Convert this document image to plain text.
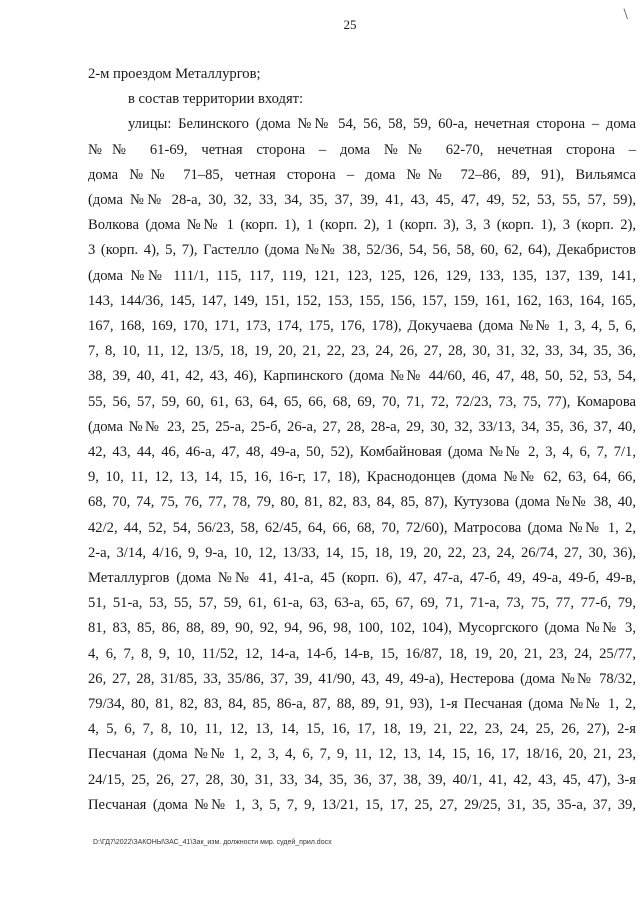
25
\
2-м проездом Металлургов;
в состав территории входят:
улицы: Белинского (дома №№ 54, 56, 58, 59, 60-а, нечетная сторона – дома
№№ 61-69, четная сторона – дома №№ 62-70, нечетная сторона –
дома №№ 71–85, четная сторона – дома №№ 72–86, 89, 91), Вильямса
(дома №№ 28-а, 30, 32, 33, 34, 35, 37, 39, 41, 43, 45, 47, 49, 52, 53, 55, 57, 59),
Волкова (дома №№ 1 (корп. 1), 1 (корп. 2), 1 (корп. 3), 3, 3 (корп. 1), 3 (корп. 2),
3 (корп. 4), 5, 7), Гастелло (дома №№ 38, 52/36, 54, 56, 58, 60, 62, 64), Декабристов
(дома №№ 111/1, 115, 117, 119, 121, 123, 125, 126, 129, 133, 135, 137, 139, 141,
143, 144/36, 145, 147, 149, 151, 152, 153, 155, 156, 157, 159, 161, 162, 163, 164, 165,
167, 168, 169, 170, 171, 173, 174, 175, 176, 178), Докучаева (дома №№ 1, 3, 4, 5, 6,
7, 8, 10, 11, 12, 13/5, 18, 19, 20, 21, 22, 23, 24, 26, 27, 28, 30, 31, 32, 33, 34, 35, 36,
38, 39, 40, 41, 42, 43, 46), Карпинского (дома №№ 44/60, 46, 47, 48, 50, 52, 53, 54,
55, 56, 57, 59, 60, 61, 63, 64, 65, 66, 68, 69, 70, 71, 72, 72/23, 73, 75, 77), Комарова
(дома №№ 23, 25, 25-а, 25-б, 26-а, 27, 28, 28-а, 29, 30, 32, 33/13, 34, 35, 36, 37, 40,
42, 43, 44, 46, 46-а, 47, 48, 49-а, 50, 52), Комбайновая (дома №№ 2, 3, 4, 6, 7, 7/1,
9, 10, 11, 12, 13, 14, 15, 16, 16-г, 17, 18), Краснодонцев (дома №№ 62, 63, 64, 66,
68, 70, 74, 75, 76, 77, 78, 79, 80, 81, 82, 83, 84, 85, 87), Кутузова (дома №№ 38, 40,
42/2, 44, 52, 54, 56/23, 58, 62/45, 64, 66, 68, 70, 72/60), Матросова (дома №№ 1, 2,
2-а, 3/14, 4/16, 9, 9-а, 10, 12, 13/33, 14, 15, 18, 19, 20, 22, 23, 24, 26/74, 27, 30, 36),
Металлургов (дома №№ 41, 41-а, 45 (корп. 6), 47, 47-а, 47-б, 49, 49-а, 49-б, 49-в,
51, 51-а, 53, 55, 57, 59, 61, 61-а, 63, 63-а, 65, 67, 69, 71, 71-а, 73, 75, 77, 77-б, 79,
81, 83, 85, 86, 88, 89, 90, 92, 94, 96, 98, 100, 102, 104), Мусоргского (дома №№ 3,
4, 6, 7, 8, 9, 10, 11/52, 12, 14-а, 14-б, 14-в, 15, 16/87, 18, 19, 20, 21, 23, 24, 25/77,
26, 27, 28, 31/85, 33, 35/86, 37, 39, 41/90, 43, 49, 49-а), Нестерова (дома №№ 78/32,
79/34, 80, 81, 82, 83, 84, 85, 86-а, 87, 88, 89, 91, 93), 1-я Песчаная (дома №№ 1, 2,
4, 5, 6, 7, 8, 10, 11, 12, 13, 14, 15, 16, 17, 18, 19, 21, 22, 23, 24, 25, 26, 27), 2-я
Песчаная (дома №№ 1, 2, 3, 4, 6, 7, 9, 11, 12, 13, 14, 15, 16, 17, 18/16, 20, 21, 23,
24/15, 25, 26, 27, 28, 30, 31, 33, 34, 35, 36, 37, 38, 39, 40/1, 41, 42, 43, 45, 47), 3-я
Песчаная (дома №№ 1, 3, 5, 7, 9, 13/21, 15, 17, 25, 27, 29/25, 31, 35, 35-а, 37, 39,
D:\ГД7\2022\ЗАКОНЫ\ЗАС_41\Зак_изм. должности мир. судей_прил.docx
